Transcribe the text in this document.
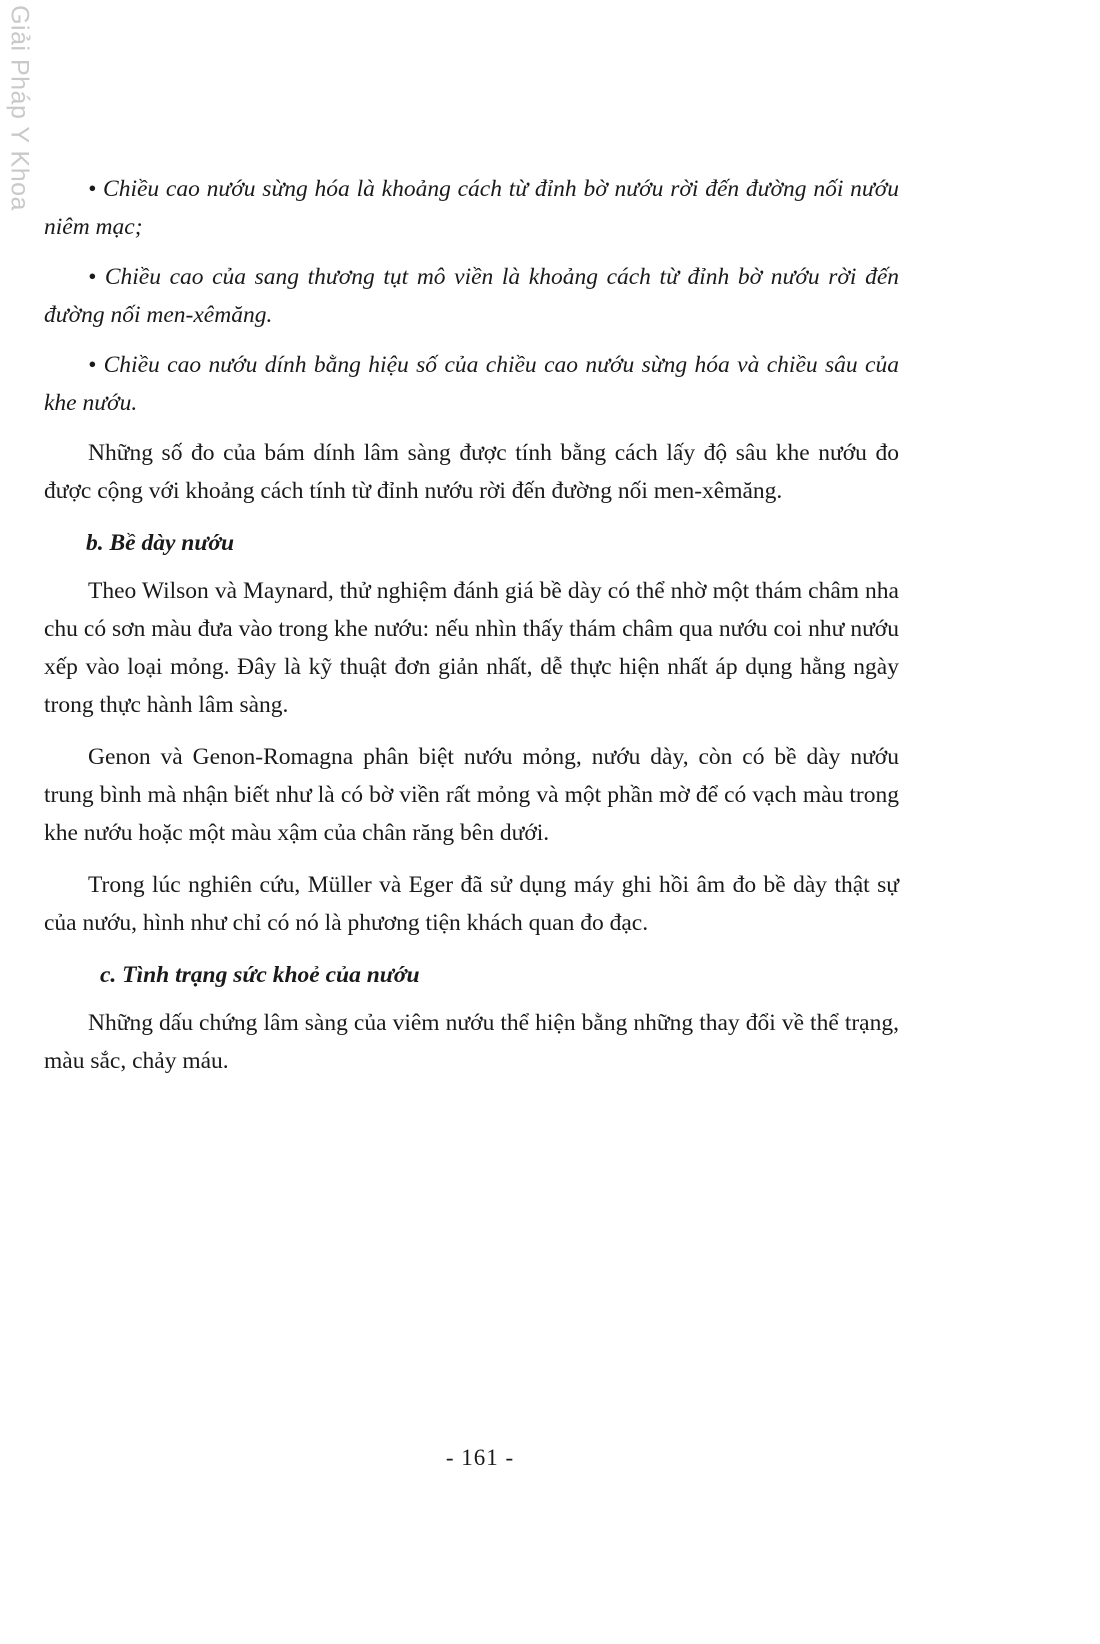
Giải Pháp Y Khoa	• Chiều cao nướu sừng hóa là khoảng cách từ đỉnh bờ nướu rời đến đường nối nướu niêm mạc;

• Chiều cao của sang thương tụt mô viền là khoảng cách từ đỉnh bờ nướu rời đến đường nối men-xêmăng.

• Chiều cao nướu dính bằng hiệu số của chiều cao nướu sừng hóa và chiều sâu của khe nướu.

Những số đo của bám dính lâm sàng được tính bằng cách lấy độ sâu khe nướu đo được cộng với khoảng cách tính từ đỉnh nướu rời đến đường nối men-xêmăng.

b. Bề dày nướu

Theo Wilson và Maynard, thử nghiệm đánh giá bề dày có thể nhờ một thám châm nha chu có sơn màu đưa vào trong khe nướu: nếu nhìn thấy thám châm qua nướu coi như nướu xếp vào loại mỏng. Đây là kỹ thuật đơn giản nhất, dễ thực hiện nhất áp dụng hằng ngày trong thực hành lâm sàng.

Genon và Genon-Romagna phân biệt nướu mỏng, nướu dày, còn có bề dày nướu trung bình mà nhận biết như là có bờ viền rất mỏng và một phần mờ để có vạch màu trong khe nướu hoặc một màu xậm của chân răng bên dưới.

Trong lúc nghiên cứu, Müller và Eger đã sử dụng máy ghi hồi âm đo bề dày thật sự của nướu, hình như chỉ có nó là phương tiện khách quan đo đạc.

c. Tình trạng sức khoẻ của nướu

Những dấu chứng lâm sàng của viêm nướu thể hiện bằng những thay đổi về thể trạng, màu sắc, chảy máu.

- 161 -
